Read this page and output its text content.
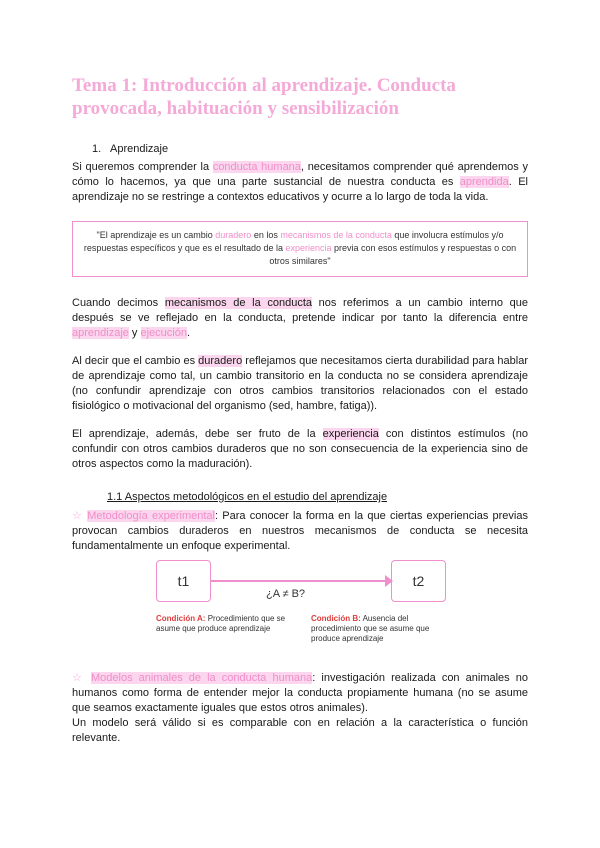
Tema 1: Introducción al aprendizaje. Conducta provocada, habituación y sensibilización
1. Aprendizaje

Si queremos comprender la conducta humana, necesitamos comprender qué aprendemos y cómo lo hacemos, ya que una parte sustancial de nuestra conducta es aprendida. El aprendizaje no se restringe a contextos educativos y ocurre a lo largo de toda la vida.

"El aprendizaje es un cambio duradero en los mecanismos de la conducta que involucra estímulos y/o respuestas específicos y que es el resultado de la experiencia previa con esos estímulos y respuestas o con otros similares"

Cuando decimos mecanismos de la conducta nos referimos a un cambio interno que después se ve reflejado en la conducta, pretende indicar por tanto la diferencia entre aprendizaje y ejecución.

Al decir que el cambio es duradero reflejamos que necesitamos cierta durabilidad para hablar de aprendizaje como tal, un cambio transitorio en la conducta no se considera aprendizaje (no confundir aprendizaje con otros cambios transitorios relacionados con el estado fisiológico o motivacional del organismo (sed, hambre, fatiga)).

El aprendizaje, además, debe ser fruto de la experiencia con distintos estímulos (no confundir con otros cambios duraderos que no son consecuencia de la experiencia sino de otros aspectos como la maduración).

1.1 Aspectos metodológicos en el estudio del aprendizaje

☆ Metodología experimental: Para conocer la forma en la que ciertas experiencias previas provocan cambios duraderos en nuestros mecanismos de conducta se necesita fundamentalmente un enfoque experimental.

t1	t2
¿A ≠ B?
Condición A: Procedimiento que se asume que produce aprendizaje
Condición B: Ausencia del procedimiento que se asume que produce aprendizaje

☆ Modelos animales de la conducta humana: investigación realizada con animales no humanos como forma de entender mejor la conducta propiamente humana (no se asume que seamos exactamente iguales que estos otros animales).

Un modelo será válido si es comparable con en relación a la característica o función relevante.
